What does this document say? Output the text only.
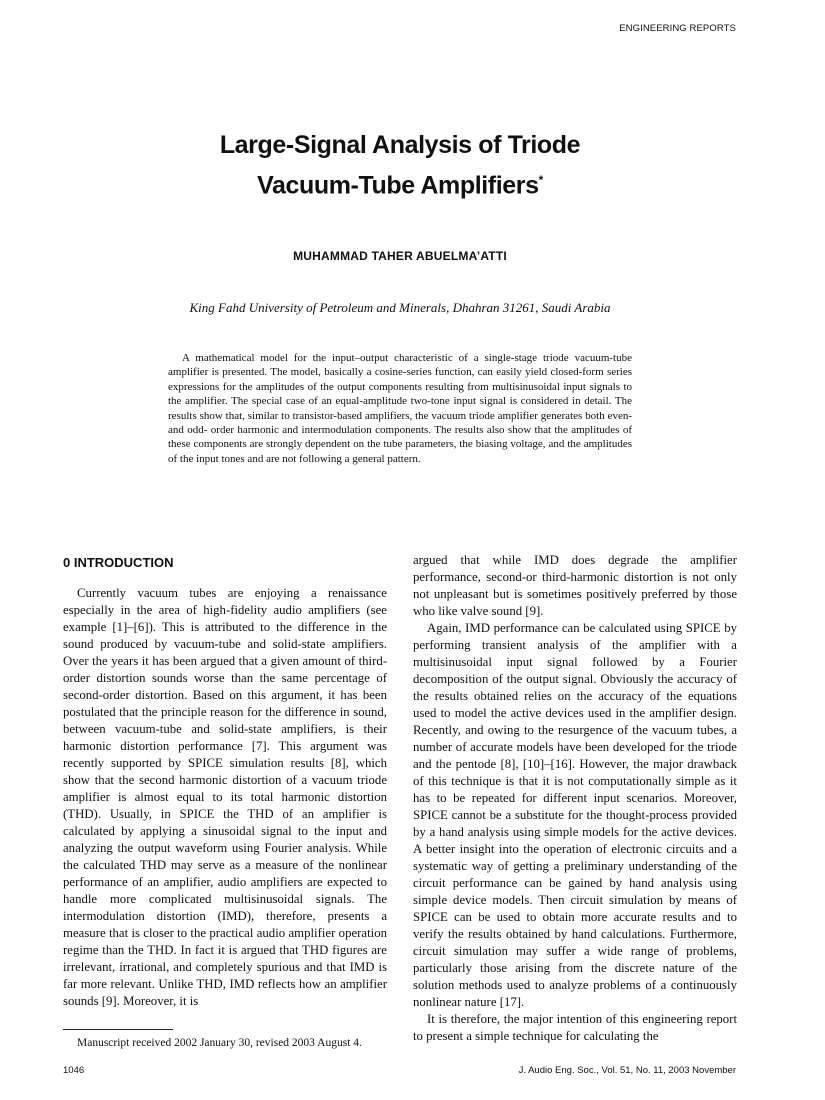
ENGINEERING REPORTS
Large-Signal Analysis of Triode
Vacuum-Tube Amplifiers*
MUHAMMAD TAHER ABUELMA’ATTI
King Fahd University of Petroleum and Minerals, Dhahran 31261, Saudi Arabia

A mathematical model for the input–output characteristic of a single-stage triode vacuum-tube amplifier is presented. The model, basically a cosine-series function, can easily yield closed-form series expressions for the amplitudes of the output components resulting from multisinusoidal input signals to the amplifier. The special case of an equal-amplitude two-tone input signal is considered in detail. The results show that, similar to transistor-based amplifiers, the vacuum triode amplifier generates both even- and odd- order harmonic and intermodulation components. The results also show that the amplitudes of these components are strongly dependent on the tube parameters, the biasing voltage, and the amplitudes of the input tones and are not following a general pattern.

0 INTRODUCTION

Currently vacuum tubes are enjoying a renaissance especially in the area of high-fidelity audio amplifiers (see example [1]–[6]). This is attributed to the difference in the sound produced by vacuum-tube and solid-state amplifiers. Over the years it has been argued that a given amount of third-order distortion sounds worse than the same percentage of second-order distortion. Based on this argument, it has been postulated that the principle reason for the difference in sound, between vacuum-tube and solid-state amplifiers, is their harmonic distortion performance [7]. This argument was recently supported by SPICE simulation results [8], which show that the second harmonic distortion of a vacuum triode amplifier is almost equal to its total harmonic distortion (THD). Usually, in SPICE the THD of an amplifier is calculated by applying a sinusoidal signal to the input and analyzing the output waveform using Fourier analysis. While the calculated THD may serve as a measure of the nonlinear performance of an amplifier, audio amplifiers are expected to handle more complicated multisinusoidal signals. The intermodulation distortion (IMD), therefore, presents a measure that is closer to the practical audio amplifier operation regime than the THD. In fact it is argued that THD figures are irrelevant, irrational, and completely spurious and that IMD is far more relevant. Unlike THD, IMD reflects how an amplifier sounds [9]. Moreover, it is

argued that while IMD does degrade the amplifier performance, second-or third-harmonic distortion is not only not unpleasant but is sometimes positively preferred by those who like valve sound [9].

Again, IMD performance can be calculated using SPICE by performing transient analysis of the amplifier with a multisinusoidal input signal followed by a Fourier decomposition of the output signal. Obviously the accuracy of the results obtained relies on the accuracy of the equations used to model the active devices used in the amplifier design. Recently, and owing to the resurgence of the vacuum tubes, a number of accurate models have been developed for the triode and the pentode [8], [10]–[16]. However, the major drawback of this technique is that it is not computationally simple as it has to be repeated for different input scenarios. Moreover, SPICE cannot be a substitute for the thought-process provided by a hand analysis using simple models for the active devices. A better insight into the operation of electronic circuits and a systematic way of getting a preliminary understanding of the circuit performance can be gained by hand analysis using simple device models. Then circuit simulation by means of SPICE can be used to obtain more accurate results and to verify the results obtained by hand calculations. Furthermore, circuit simulation may suffer a wide range of problems, particularly those arising from the discrete nature of the solution methods used to analyze problems of a continuously nonlinear nature [17].

It is therefore, the major intention of this engineering report to present a simple technique for calculating the

Manuscript received 2002 January 30, revised 2003 August 4.
1046	J. Audio Eng. Soc., Vol. 51, No. 11, 2003 November
